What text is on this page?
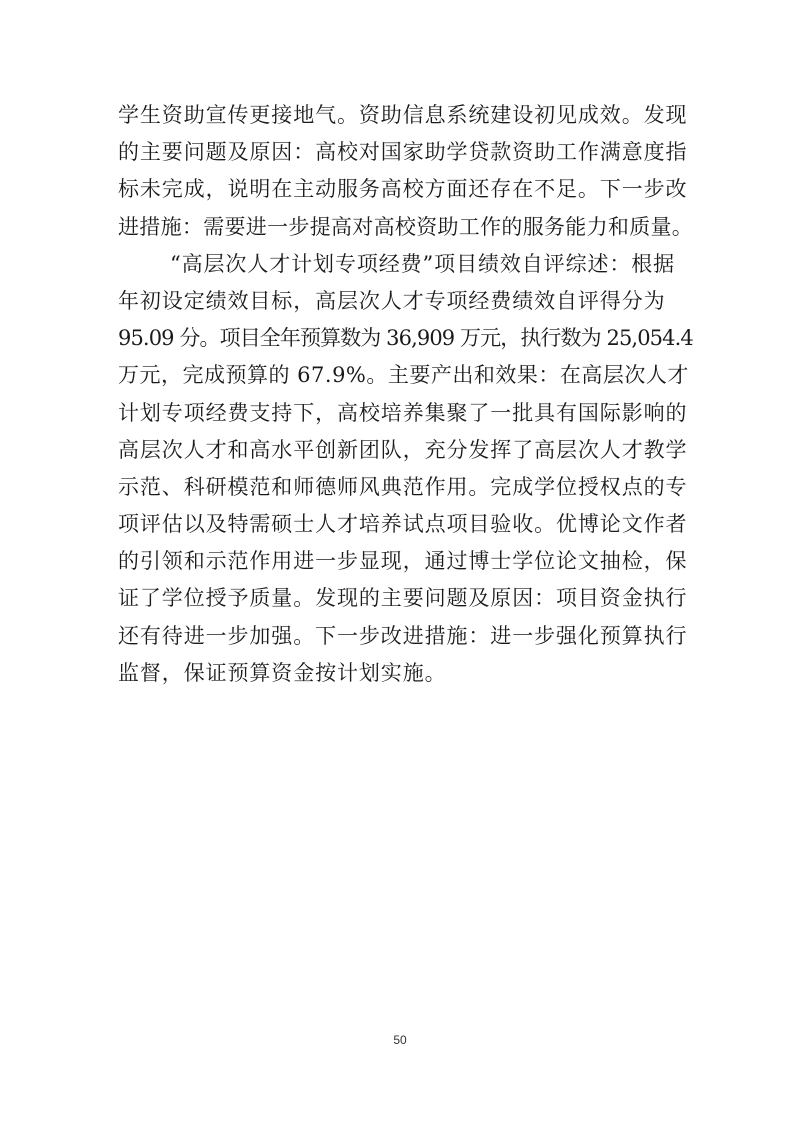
学生资助宣传更接地气。资助信息系统建设初见成效。发现
的主要问题及原因：高校对国家助学贷款资助工作满意度指
标未完成，说明在主动服务高校方面还存在不足。下一步改
进措施：需要进一步提高对高校资助工作的服务能力和质量。
“高层次人才计划专项经费”项目绩效自评综述：根据
年初设定绩效目标，高层次人才专项经费绩效自评得分为
95.09 分。项目全年预算数为 36,909 万元，执行数为 25,054.4
万元，完成预算的 67.9%。主要产出和效果：在高层次人才
计划专项经费支持下，高校培养集聚了一批具有国际影响的
高层次人才和高水平创新团队，充分发挥了高层次人才教学
示范、科研模范和师德师风典范作用。完成学位授权点的专
项评估以及特需硕士人才培养试点项目验收。优博论文作者
的引领和示范作用进一步显现，通过博士学位论文抽检，保
证了学位授予质量。发现的主要问题及原因：项目资金执行
还有待进一步加强。下一步改进措施：进一步强化预算执行
监督，保证预算资金按计划实施。
50
